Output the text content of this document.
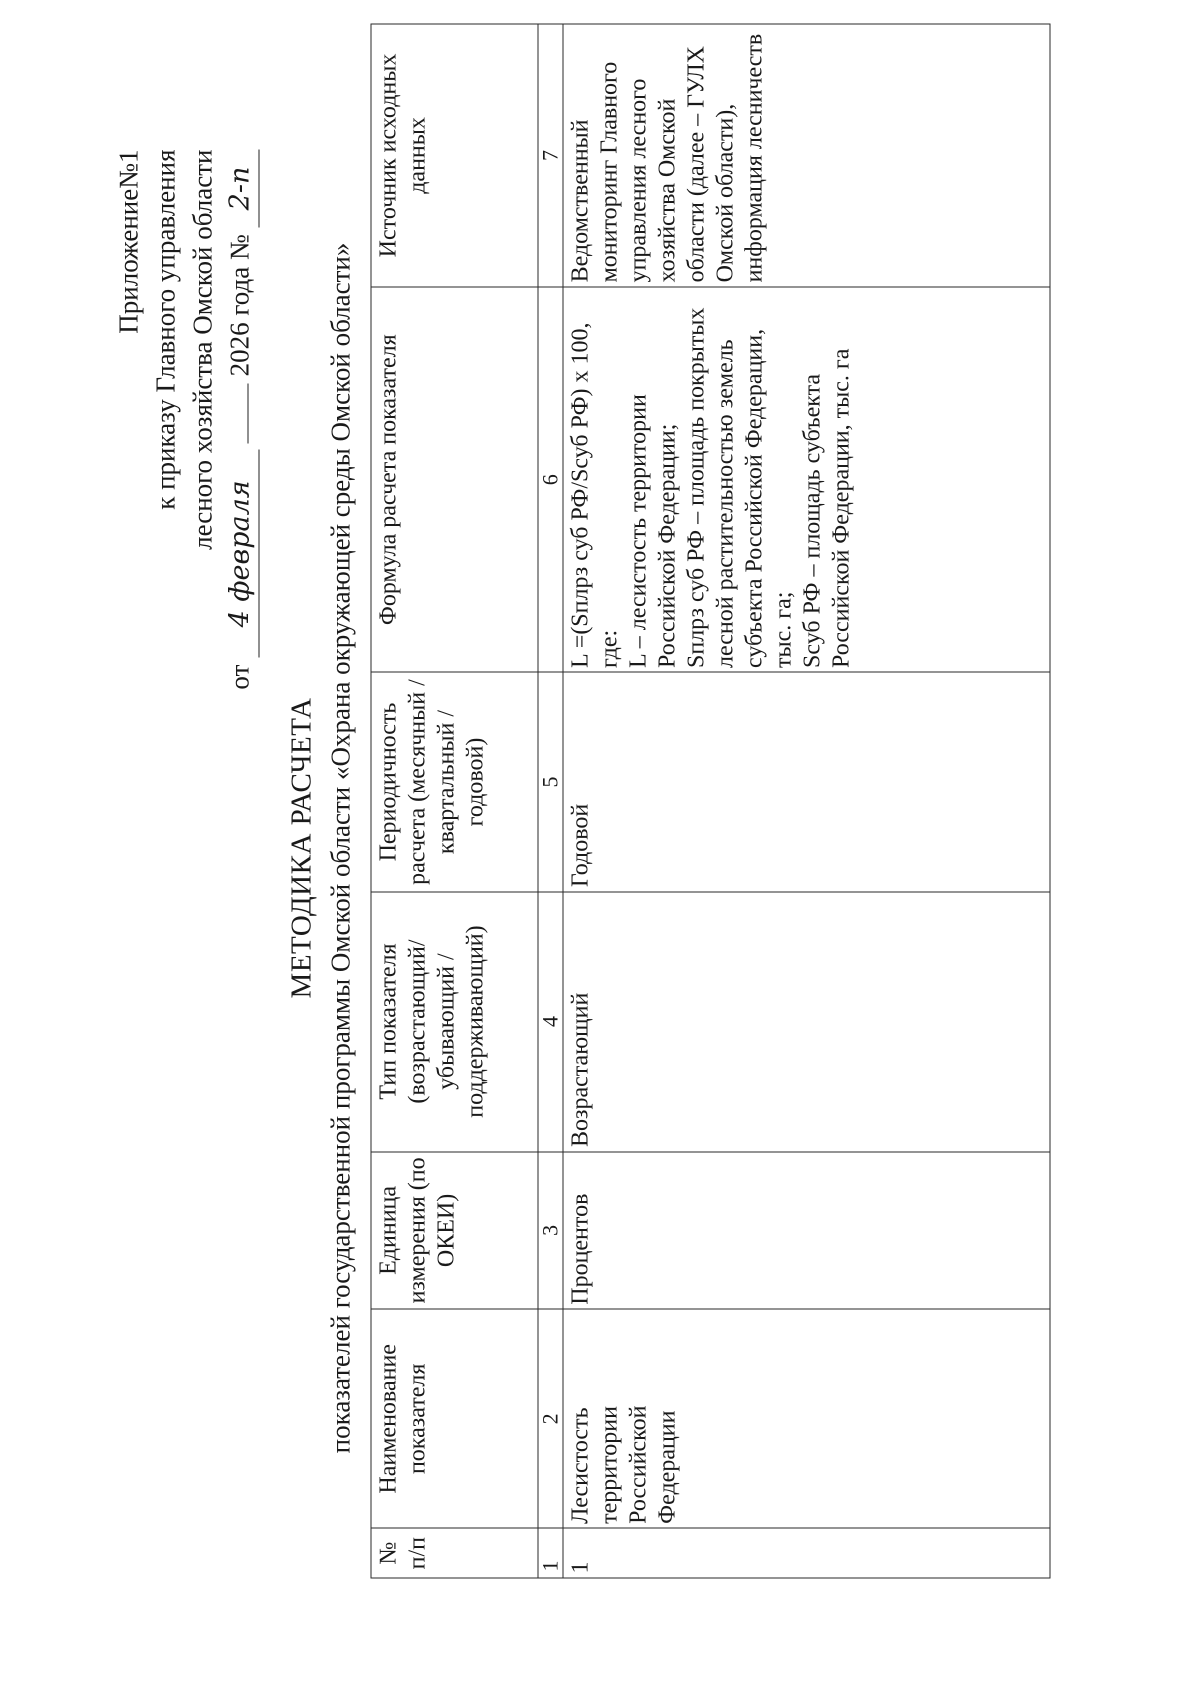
Приложение№1 к приказу Главного управления лесного хозяйства Омской области
от 4 февраля  2026 года № 2-п
МЕТОДИКА РАСЧЕТА показателей государственной программы Омской области «Охрана окружающей среды Омской области»
№ п/п	Наименование показателя	Единица измерения (по ОКЕИ)	Тип показателя (возрастающий/ убывающий / поддерживающий)	Периодичность расчета (месячный / квартальный / годовой)	Формула расчета показателя	Источник исходных данных
1	2	3	4	5	6	7
1	Лесистость территории Российской Федерации	Процентов	Возрастающий	Годовой	L =(Sплрз суб РФ/Sсуб РФ) х 100, где:
L – лесистость территории Российской Федерации;
Sплрз суб РФ – площадь покрытых лесной растительностью земель субъекта Российской Федерации, тыс. га;
Sсуб РФ – площадь субъекта Российской Федерации, тыс. га	Ведомственный мониторинг Главного управления лесного хозяйства Омской области (далее – ГУЛХ Омской области), информация лесничеств
